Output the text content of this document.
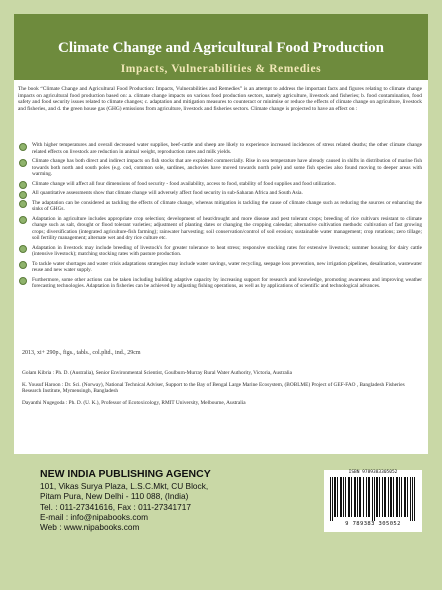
Climate Change and Agricultural Food Production
Impacts, Vulnerabilities & Remedies

The book “Climate Change and Agricultural Food Production: Impacts, Vulnerabilities and Remedies” is an attempt to address the important facts and figures relating to climate change impacts on agricultural food production based on: a. climate change impacts on various food production sectors, namely agriculture, livestock and fisheries; b. food contamination, food safety and food security issues related to climate changes; c. adaptation and mitigation measures to counteract or minimise or reduce the effects of climate change on agriculture, livestock and fisheries, and d. the green house gas (GHG) emissions from agriculture, livestock and fisheries sectors. Climate change is projected to have an effect on :

With higher temperatures and overall decreased water supplies, beef-cattle and sheep are likely to experience increased incidences of stress related deaths; the other climate change related effects on livestock are reduction in animal weight, reproduction rates and milk yields.
Climate change has both direct and indirect impacts on fish stocks that are exploited commercially. Rise in sea temperature have already caused in shifts in distribution of marine fish towards both north and south poles (e.g. cod, common sole, sardines, anchovies have moved towards north pole) and some fish species also found moving to deeper areas with warming.
Climate change will affect all four dimensions of food security - food availability, access to food, stability of food supplies and food utilization.
All quantitative assessments show that climate change will adversely affect food security in sub-Saharan Africa and South Asia.
The adaptation can be considered as tackling the effects of climate change, whereas mitigation is tackling the cause of climate change such as reducing the sources or enhancing the sinks of GHGs.
Adaptation in agriculture includes appropriate crop selection; development of heat/drought and more disease and pest tolerant crops; breeding of rice cultivars resistant to climate change such as salt, drought or flood tolerant varieties; adjustment of planting dates or changing the cropping calendar; alternative cultivation methods: cultivation of fast growing crops; diversification (integrated agriculture-fish farming); rainwater harvesting; soil conservation/control of soil erosion; sustainable water management; crop rotations; zero tillage; soil fertility management; alternate wet and dry rice culture etc.
Adaptation in livestock may include breeding of livestock's for greater tolerance to heat stress; responsive stocking rates for extensive livestock; summer housing for dairy cattle (intensive livestock); matching stocking rates with pasture production.
To tackle water shortages and water crisis adaptations strategies may include water savings, water recycling, seepage loss prevention, new irrigation pipelines, desalination, wastewater reuse and new water supply.
Furthermore, some other actions can be taken including building adaptive capacity by increasing support for research and knowledge, promoting awareness and improving weather forecasting technologies. Adaptation in fisheries can be achieved by adjusting fishing operations, as well as by applications of scientific and technological advances.

2013, xi+ 290p., figs., tabls., col.pltd., ind., 29cm

Golam Kibria : Ph. D. (Australia), Senior Environmental Scientist, Goulburn-Murray Rural Water Authority, Victoria, Australia
K. Yousuf Haroon : Dr. Sci. (Norway), National Technical Adviser, Support to the Bay of Bengal Large Marine Ecosystem, (BOBLME) Project of GEF-FAO , Bangladesh Fisheries Research Institute, Mymensingh, Bangladesh
Dayanthi Nugegoda : Ph. D. (U. K.), Professor of Ecotoxicology, RMIT University, Melbourne, Australia

NEW INDIA PUBLISHING AGENCY

101, Vikas Surya Plaza, L.S.C.Mkt, CU Block,

Pitam Pura, New Delhi - 110 088, (India)

Tel. : 011-27341616, Fax : 011-27341717

E-mail : info@nipabooks.com

Web : www.nipabooks.com

ISBN 9789383305052
9 789383 305052
